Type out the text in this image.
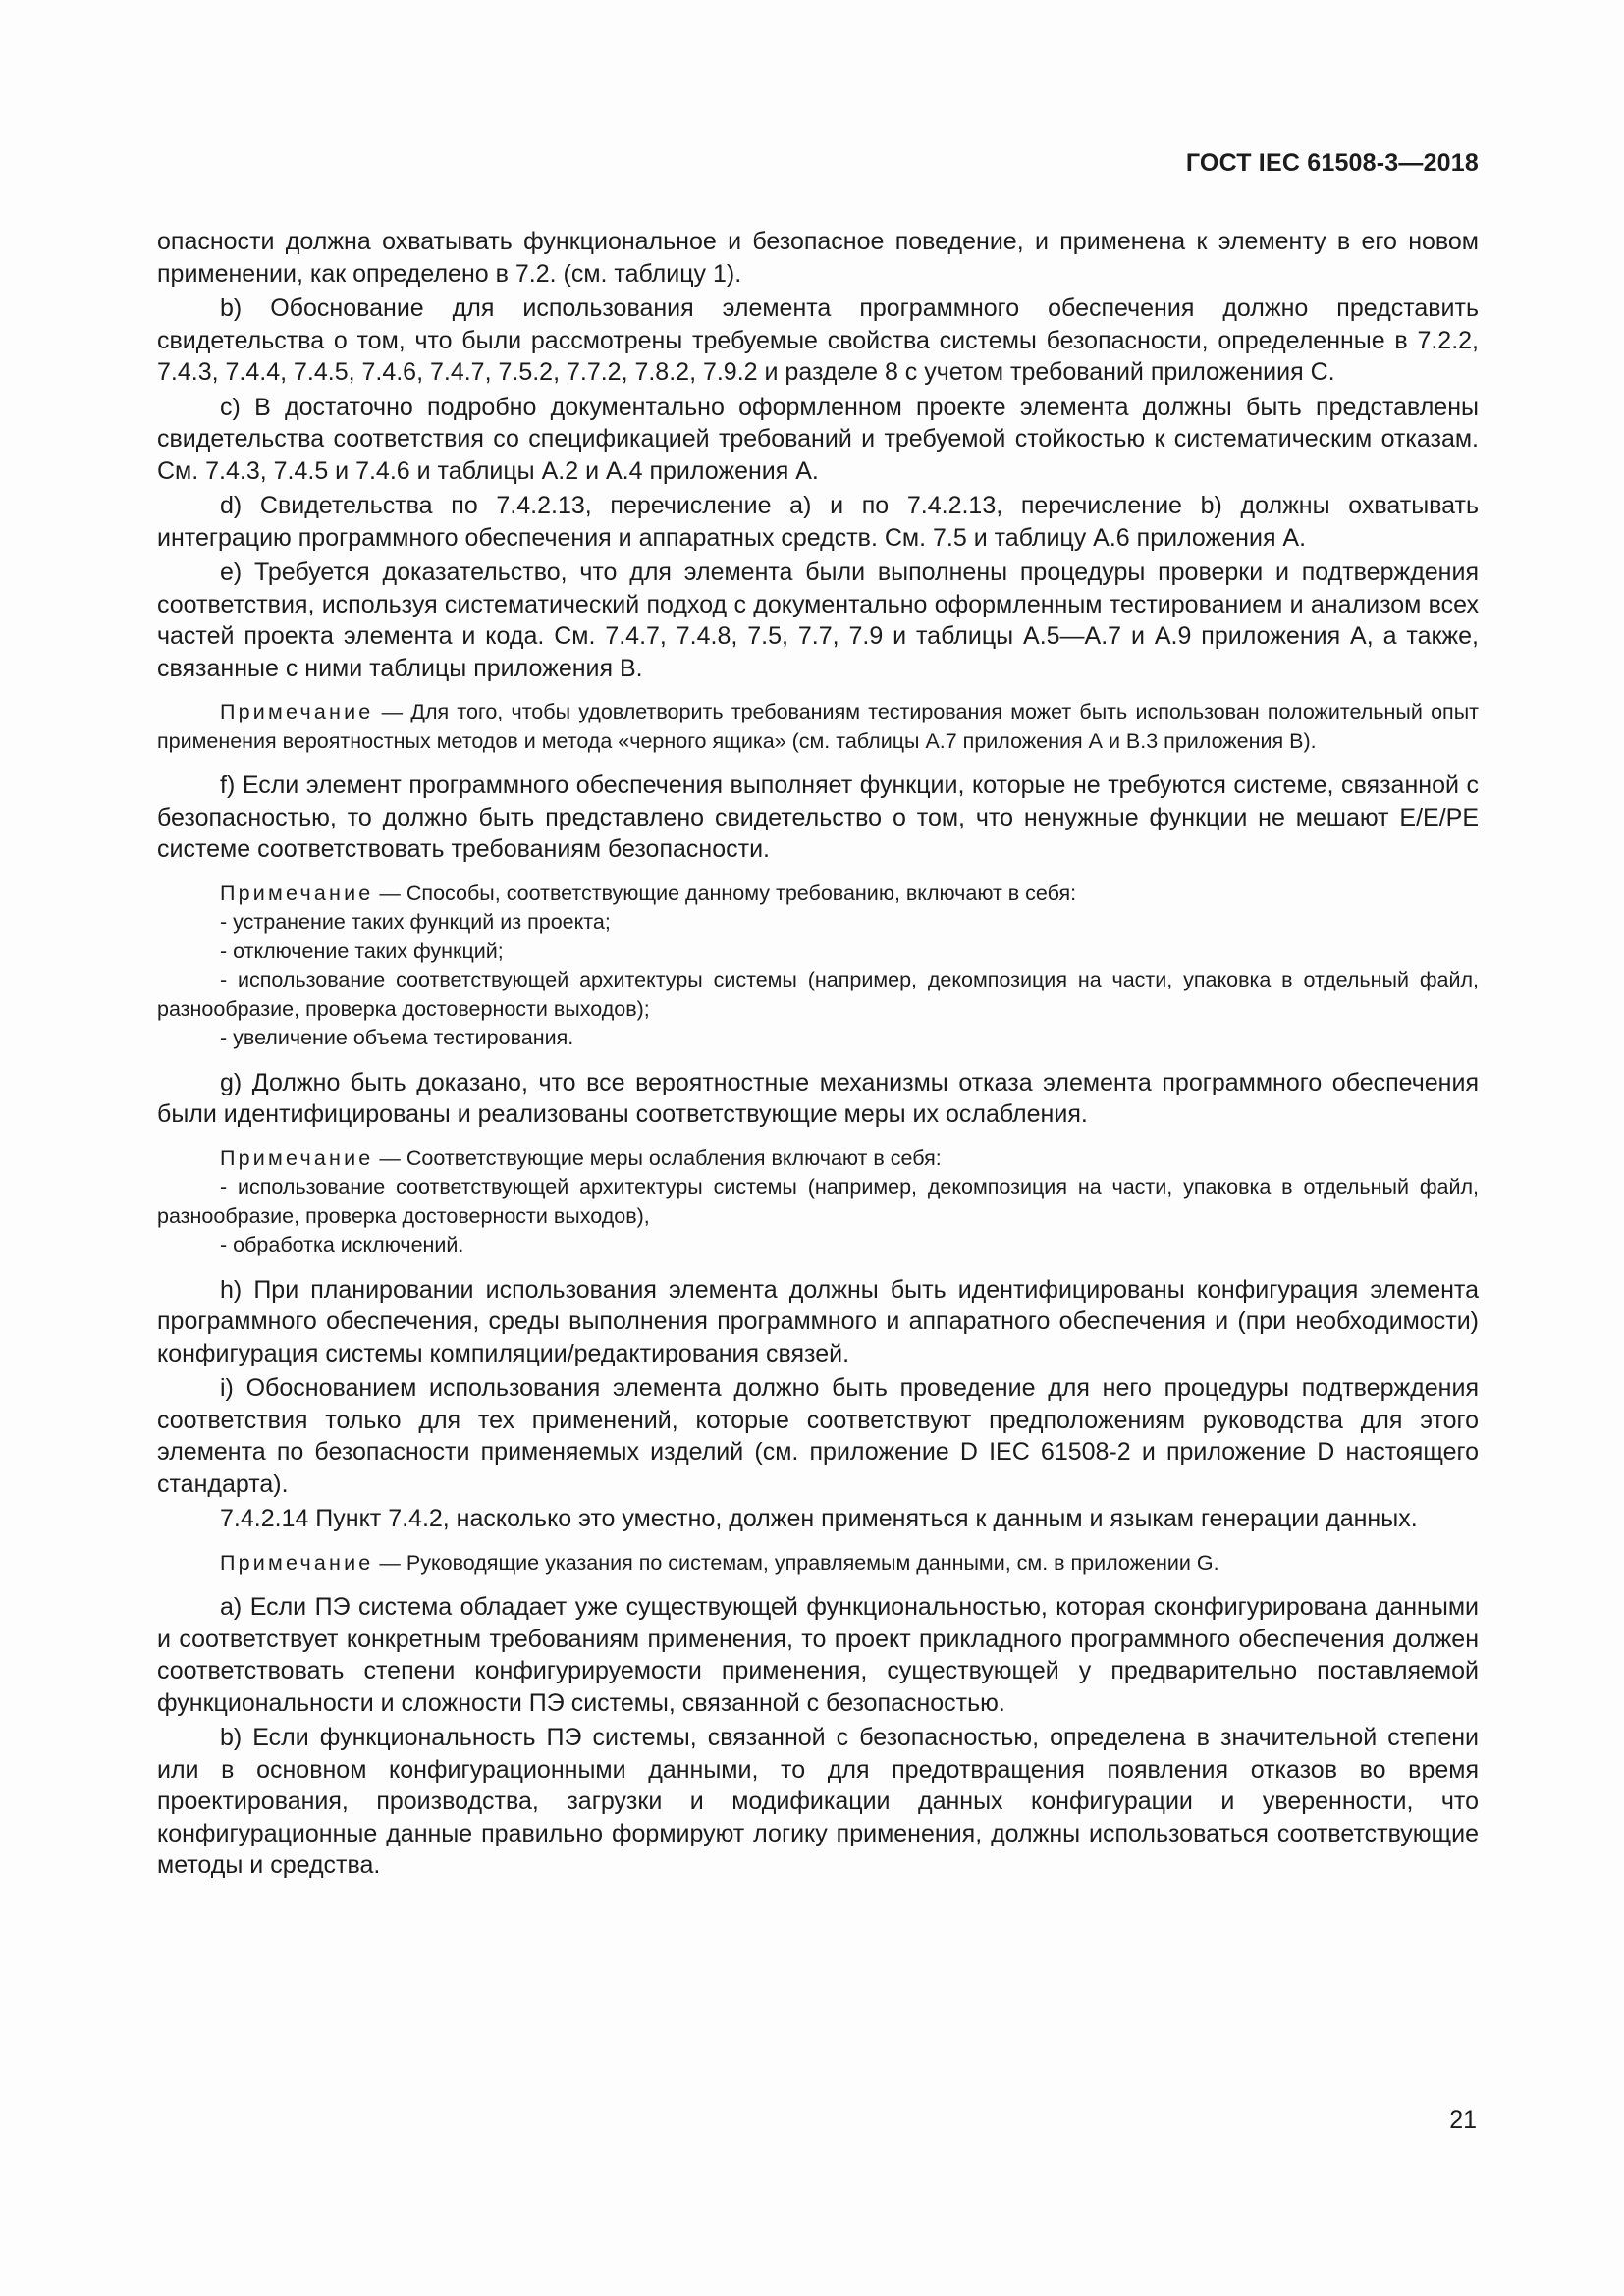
ГОСТ IEC 61508-3—2018

опасности должна охватывать функциональное и безопасное поведение, и применена к элементу в его новом применении, как определено в 7.2. (см. таблицу 1).

b) Обоснование для использования элемента программного обеспечения должно представить свидетельства о том, что были рассмотрены требуемые свойства системы безопасности, определенные в 7.2.2, 7.4.3, 7.4.4, 7.4.5, 7.4.6, 7.4.7, 7.5.2, 7.7.2, 7.8.2, 7.9.2 и разделе 8 с учетом требований приложениия С.

с) В достаточно подробно документально оформленном проекте элемента должны быть представлены свидетельства соответствия со спецификацией требований и требуемой стойкостью к систематическим отказам. См. 7.4.3, 7.4.5 и 7.4.6 и таблицы А.2 и А.4 приложения А.

d) Свидетельства по 7.4.2.13, перечисление а) и по 7.4.2.13, перечисление b) должны охватывать интеграцию программного обеспечения и аппаратных средств. См. 7.5 и таблицу А.6 приложения А.

е) Требуется доказательство, что для элемента были выполнены процедуры проверки и подтверждения соответствия, используя систематический подход с документально оформленным тестированием и анализом всех частей проекта элемента и кода. См. 7.4.7, 7.4.8, 7.5, 7.7, 7.9 и таблицы А.5—А.7 и А.9 приложения А, а также, связанные с ними таблицы приложения В.

Примечание — Для того, чтобы удовлетворить требованиям тестирования может быть использован положительный опыт применения вероятностных методов и метода «черного ящика» (см. таблицы А.7 приложения А и В.3 приложения В).

f) Если элемент программного обеспечения выполняет функции, которые не требуются системе, связанной с безопасностью, то должно быть представлено свидетельство о том, что ненужные функции не мешают E/E/PE системе соответствовать требованиям безопасности.

Примечание — Способы, соответствующие данному требованию, включают в себя:

- устранение таких функций из проекта;

- отключение таких функций;

- использование соответствующей архитектуры системы (например, декомпозиция на части, упаковка в отдельный файл, разнообразие, проверка достоверности выходов);

- увеличение объема тестирования.

g) Должно быть доказано, что все вероятностные механизмы отказа элемента программного обеспечения были идентифицированы и реализованы соответствующие меры их ослабления.

Примечание — Соответствующие меры ослабления включают в себя:

- использование соответствующей архитектуры системы (например, декомпозиция на части, упаковка в отдельный файл, разнообразие, проверка достоверности выходов),

- обработка исключений.

h) При планировании использования элемента должны быть идентифицированы конфигурация элемента программного обеспечения, среды выполнения программного и аппаратного обеспечения и (при необходимости) конфигурация системы компиляции/редактирования связей.

i) Обоснованием использования элемента должно быть проведение для него процедуры подтверждения соответствия только для тех применений, которые соответствуют предположениям руководства для этого элемента по безопасности применяемых изделий (см. приложение D IEC 61508-2 и приложение D настоящего стандарта).

7.4.2.14 Пункт 7.4.2, насколько это уместно, должен применяться к данным и языкам генерации данных.

Примечание — Руководящие указания по системам, управляемым данными, см. в приложении G.

а) Если ПЭ система обладает уже существующей функциональностью, которая сконфигурирована данными и соответствует конкретным требованиям применения, то проект прикладного программного обеспечения должен соответствовать степени конфигурируемости применения, существующей у предварительно поставляемой функциональности и сложности ПЭ системы, связанной с безопасностью.

b) Если функциональность ПЭ системы, связанной с безопасностью, определена в значительной степени или в основном конфигурационными данными, то для предотвращения появления отказов во время проектирования, производства, загрузки и модификации данных конфигурации и уверенности, что конфигурационные данные правильно формируют логику применения, должны использоваться соответствующие методы и средства.

21
